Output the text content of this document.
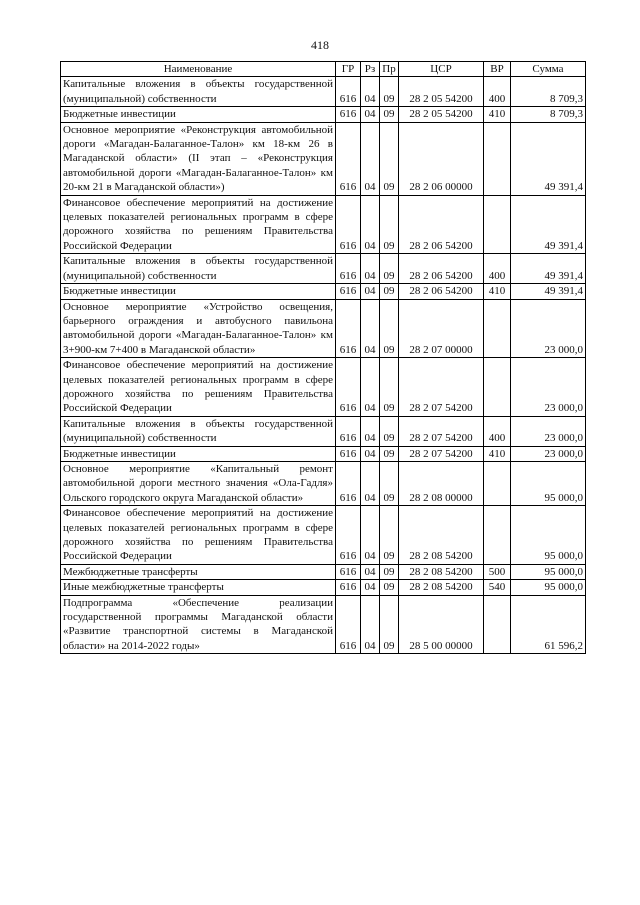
418
Наименование	ГР	Рз	Пр	ЦСР	ВР	Сумма
Капитальные вложения в объекты государственной (муниципальной) собственности	616	04	09	28 2 05 54200	400	8 709,3
Бюджетные инвестиции	616	04	09	28 2 05 54200	410	8 709,3
Основное мероприятие «Реконструкция автомобильной дороги «Магадан-Балаганное-Талон» км 18-км 26 в Магаданской области» (II этап – «Реконструкция автомобильной дороги «Магадан-Балаганное-Талон» км 20-км 21 в Магаданской области»)	616	04	09	28 2 06 00000		49 391,4
Финансовое обеспечение мероприятий на достижение целевых показателей региональных программ в сфере дорожного хозяйства по решениям Правительства Российской Федерации	616	04	09	28 2 06 54200		49 391,4
Капитальные вложения в объекты государственной (муниципальной) собственности	616	04	09	28 2 06 54200	400	49 391,4
Бюджетные инвестиции	616	04	09	28 2 06 54200	410	49 391,4
Основное мероприятие «Устройство освещения, барьерного ограждения и автобусного павильона автомобильной дороги «Магадан-Балаганное-Талон» км 3+900-км 7+400 в Магаданской области»	616	04	09	28 2 07 00000		23 000,0
Финансовое обеспечение мероприятий на достижение целевых показателей региональных программ в сфере дорожного хозяйства по решениям Правительства Российской Федерации	616	04	09	28 2 07 54200		23 000,0
Капитальные вложения в объекты государственной (муниципальной) собственности	616	04	09	28 2 07 54200	400	23 000,0
Бюджетные инвестиции	616	04	09	28 2 07 54200	410	23 000,0
Основное мероприятие «Капитальный ремонт автомобильной дороги местного значения «Ола-Гадля» Ольского городского округа Магаданской области»	616	04	09	28 2 08 00000		95 000,0
Финансовое обеспечение мероприятий на достижение целевых показателей региональных программ в сфере дорожного хозяйства по решениям Правительства Российской Федерации	616	04	09	28 2 08 54200		95 000,0
Межбюджетные трансферты	616	04	09	28 2 08 54200	500	95 000,0
Иные межбюджетные трансферты	616	04	09	28 2 08 54200	540	95 000,0
Подпрограмма «Обеспечение реализации государственной программы Магаданской области «Развитие транспортной системы в Магаданской области» на 2014-2022 годы»	616	04	09	28 5 00 00000		61 596,2
